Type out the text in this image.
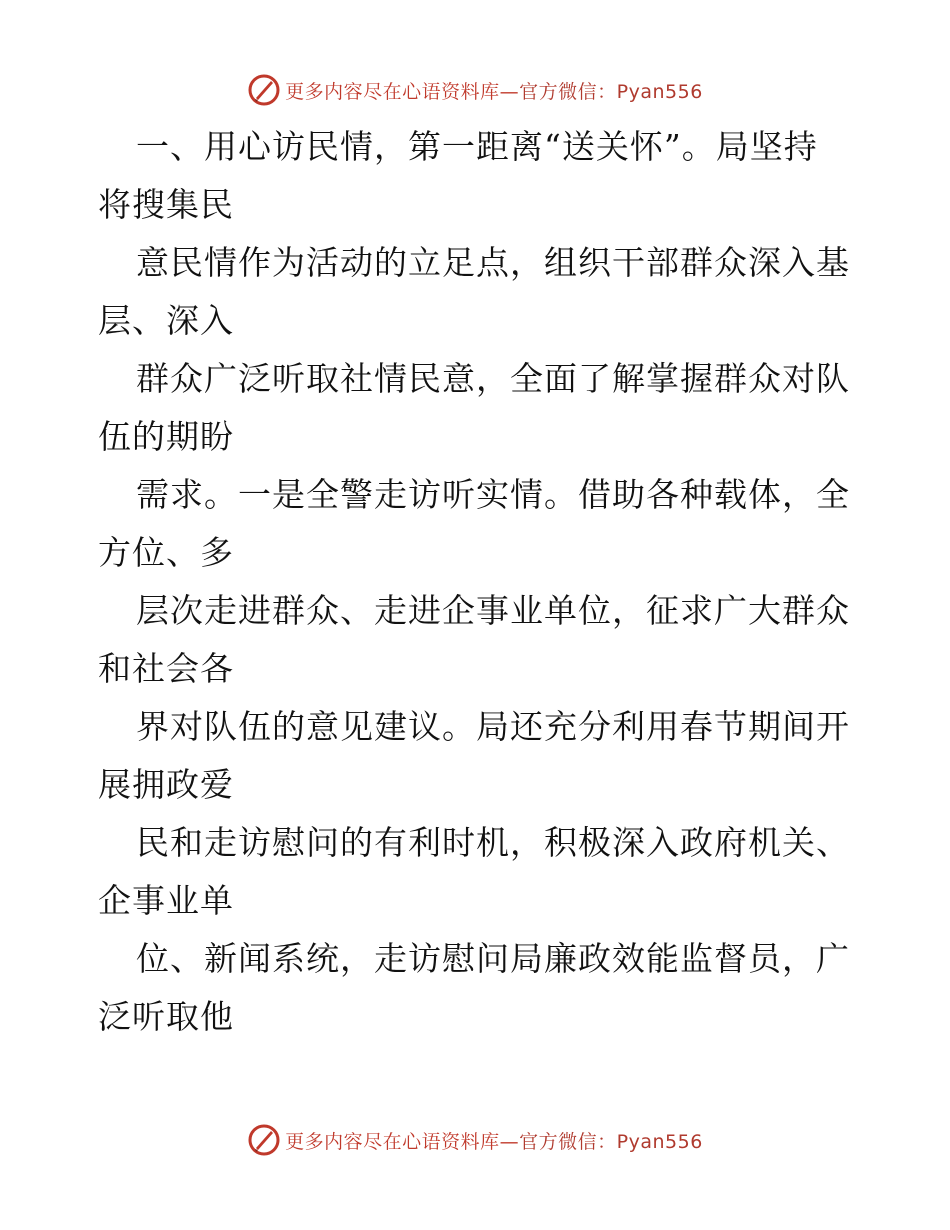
更多内容尽在心语资料库—官方微信：Pyan556
一、用心访民情，第一距离“送关怀”。局坚持
将搜集民
意民情作为活动的立足点，组织干部群众深入基
层、深入
群众广泛听取社情民意，全面了解掌握群众对队
伍的期盼
需求。一是全警走访听实情。借助各种载体，全
方位、多
层次走进群众、走进企事业单位，征求广大群众
和社会各
界对队伍的意见建议。局还充分利用春节期间开
展拥政爱
民和走访慰问的有利时机，积极深入政府机关、
企事业单
位、新闻系统，走访慰问局廉政效能监督员，广
泛听取他
更多内容尽在心语资料库—官方微信：Pyan556
